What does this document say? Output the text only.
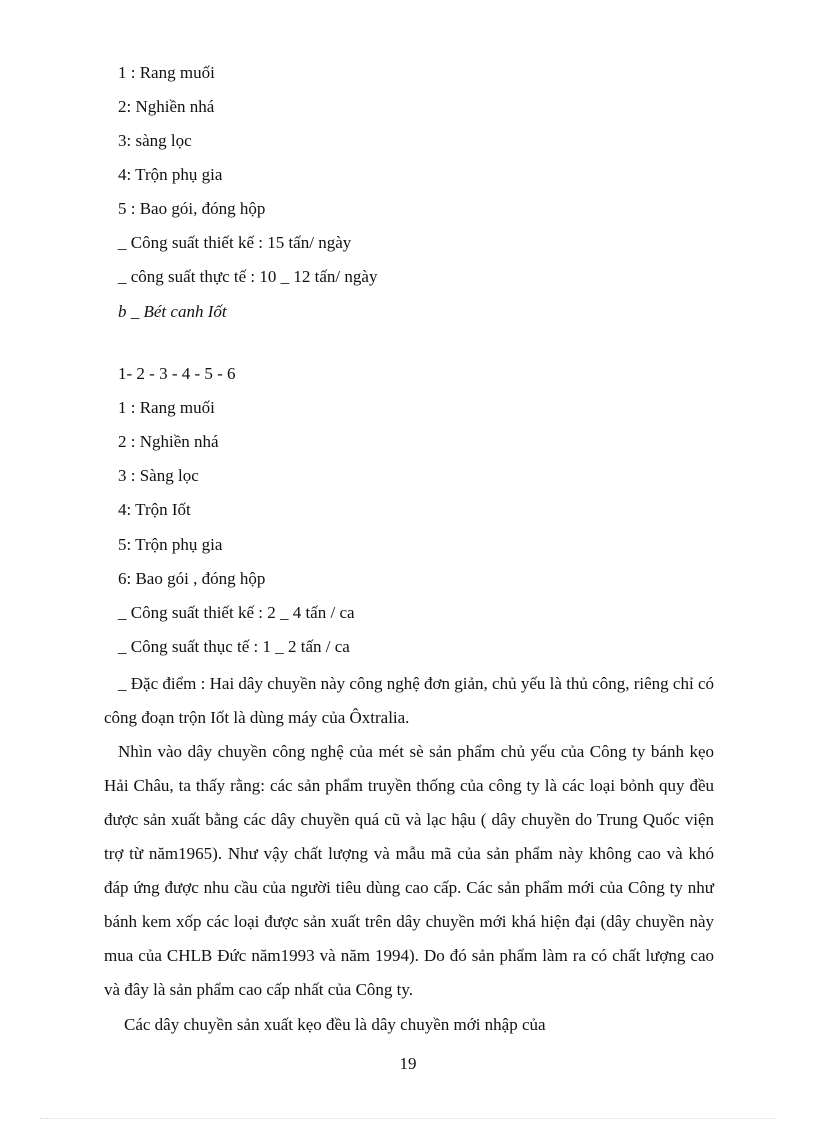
1 : Rang muối
2: Nghiền nhá
3: sàng lọc
4: Trộn phụ gia
5 : Bao gói, đóng hộp
_ Công suất thiết kế : 15 tấn/ ngày
_ công suất thực tế : 10 _ 12 tấn/ ngày
b _ Bét canh Iốt
1- 2 - 3 - 4 - 5 - 6
1 : Rang muối
2 : Nghiền nhá
3 : Sàng lọc
4: Trộn Iốt
5: Trộn phụ gia
6: Bao gói , đóng hộp
_ Công suất thiết kế : 2 _ 4 tấn / ca
_ Công suất thục tế : 1 _ 2 tấn / ca
_ Đặc điểm : Hai dây chuyền này công nghệ đơn giản, chủ yếu là thủ công, riêng chỉ có công đoạn trộn Iốt là dùng máy của Ôxtralia.
Nhìn vào dây chuyền công nghệ của mét sè sản phẩm chủ yếu của Công ty bánh kẹo Hải Châu, ta thấy rằng: các sản phẩm truyền thống của công ty là các loại bỏnh quy đều được sản xuất bằng các dây chuyền quá cũ và lạc hậu ( dây chuyền do Trung Quốc viện trợ từ năm1965). Như vậy chất lượng và mẫu mã của sản phẩm này không cao và khó đáp ứng được nhu cầu của người tiêu dùng cao cấp. Các sản phẩm mới của Công ty như bánh kem xốp các loại được sản xuất trên dây chuyền mới khá hiện đại (dây chuyền này mua của CHLB Đức năm1993 và năm 1994). Do đó sản phẩm làm ra có chất lượng cao và đây là sản phẩm cao cấp nhất của Công ty.
Các dây chuyền sản xuất kẹo đều là dây chuyền mới nhập của
19
